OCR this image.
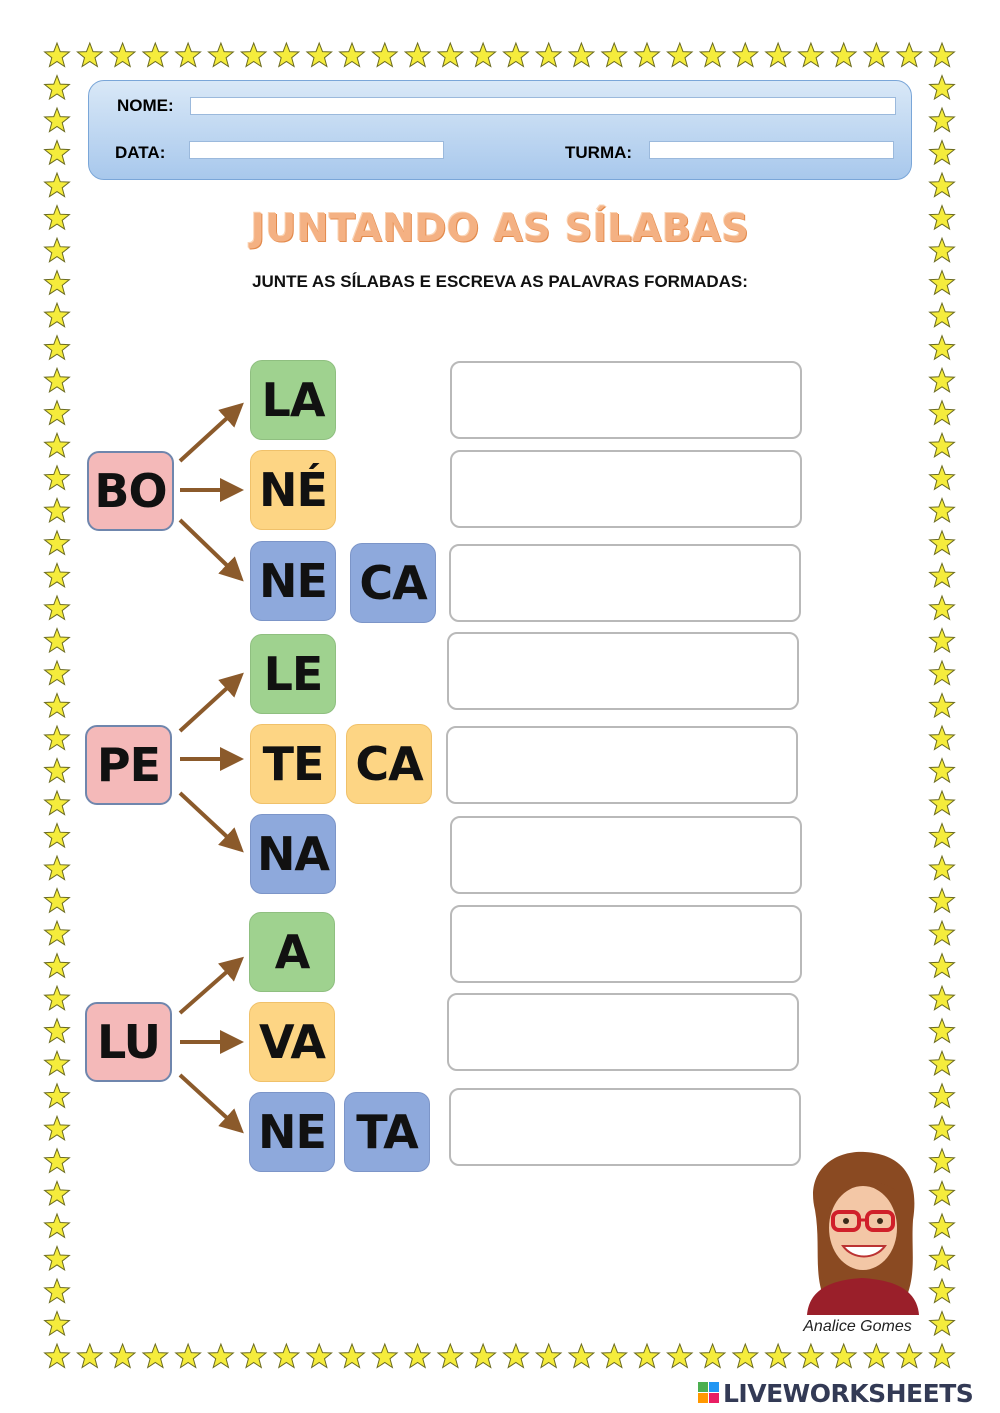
NOME:
DATA:	TURMA:
JUNTANDO AS SÍLABAS
JUNTE AS SÍLABAS E ESCREVA AS PALAVRAS FORMADAS:
BO
LA
NÉ
NE CA
PE
LE
TE CA
NA
LU
A
VA
NE TA
Analice Gomes
LIVEWORKSHEETS
